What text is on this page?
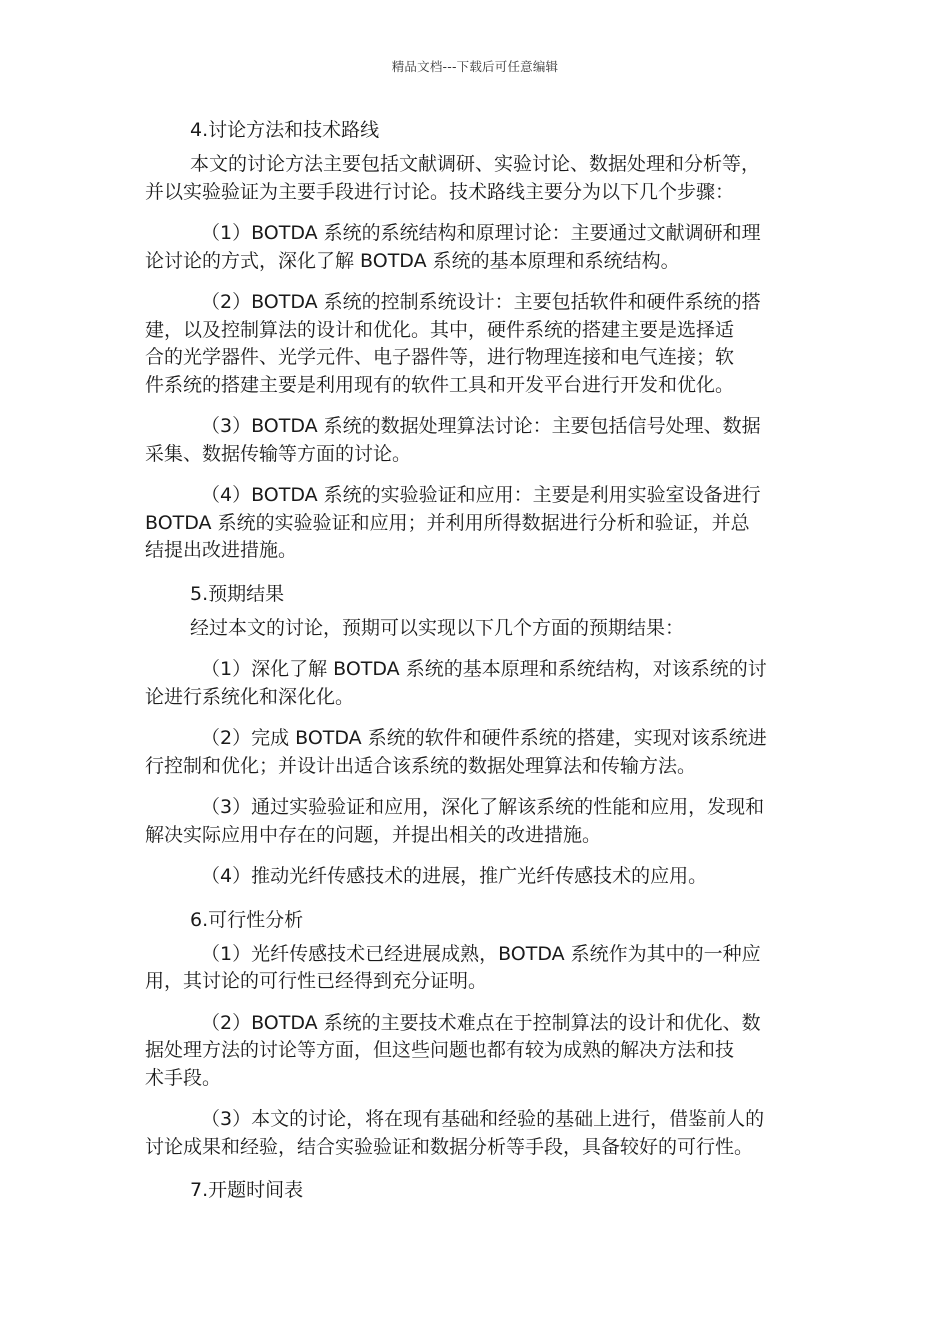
精品文档---下载后可任意编辑
4.讨论方法和技术路线
本文的讨论方法主要包括文献调研、实验讨论、数据处理和分析等，
并以实验验证为主要手段进行讨论。技术路线主要分为以下几个步骤：
（1）BOTDA 系统的系统结构和原理讨论：主要通过文献调研和理
论讨论的方式，深化了解 BOTDA 系统的基本原理和系统结构。
（2）BOTDA 系统的控制系统设计：主要包括软件和硬件系统的搭
建，以及控制算法的设计和优化。其中，硬件系统的搭建主要是选择适
合的光学器件、光学元件、电子器件等，进行物理连接和电气连接；软
件系统的搭建主要是利用现有的软件工具和开发平台进行开发和优化。
（3）BOTDA 系统的数据处理算法讨论：主要包括信号处理、数据
采集、数据传输等方面的讨论。
（4）BOTDA 系统的实验验证和应用：主要是利用实验室设备进行
BOTDA 系统的实验验证和应用；并利用所得数据进行分析和验证，并总
结提出改进措施。
5.预期结果
经过本文的讨论，预期可以实现以下几个方面的预期结果：
（1）深化了解 BOTDA 系统的基本原理和系统结构，对该系统的讨
论进行系统化和深化化。
（2）完成 BOTDA 系统的软件和硬件系统的搭建，实现对该系统进
行控制和优化；并设计出适合该系统的数据处理算法和传输方法。
（3）通过实验验证和应用，深化了解该系统的性能和应用，发现和
解决实际应用中存在的问题，并提出相关的改进措施。
（4）推动光纤传感技术的进展，推广光纤传感技术的应用。
6.可行性分析
（1）光纤传感技术已经进展成熟，BOTDA 系统作为其中的一种应
用，其讨论的可行性已经得到充分证明。
（2）BOTDA 系统的主要技术难点在于控制算法的设计和优化、数
据处理方法的讨论等方面，但这些问题也都有较为成熟的解决方法和技
术手段。
（3）本文的讨论，将在现有基础和经验的基础上进行，借鉴前人的
讨论成果和经验，结合实验验证和数据分析等手段，具备较好的可行性。
7.开题时间表
